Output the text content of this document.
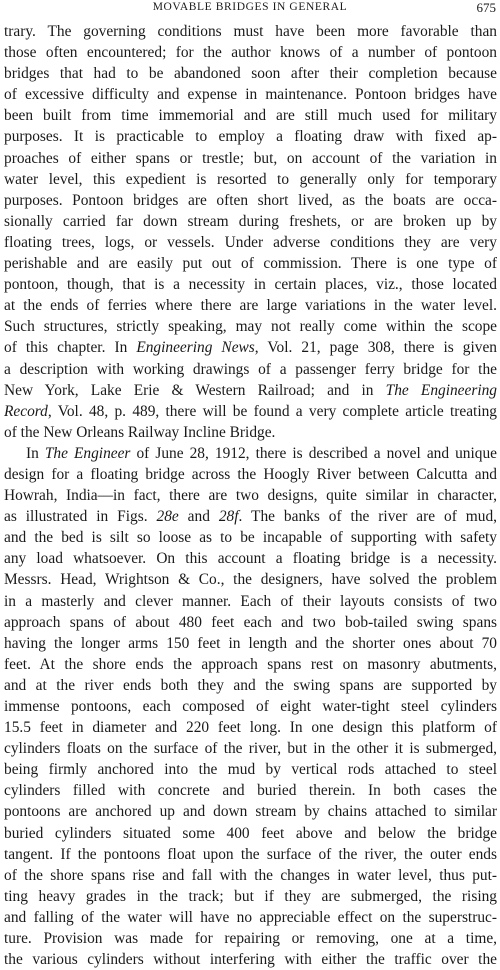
MOVABLE BRIDGES IN GENERAL	675
trary. The governing conditions must have been more favorable than
those often encountered; for the author knows of a number of pontoon
bridges that had to be abandoned soon after their completion because
of excessive difficulty and expense in maintenance. Pontoon bridges have
been built from time immemorial and are still much used for military
purposes. It is practicable to employ a floating draw with fixed ap-
proaches of either spans or trestle; but, on account of the variation in
water level, this expedient is resorted to generally only for temporary
purposes. Pontoon bridges are often short lived, as the boats are occa-
sionally carried far down stream during freshets, or are broken up by
floating trees, logs, or vessels. Under adverse conditions they are very
perishable and are easily put out of commission. There is one type of
pontoon, though, that is a necessity in certain places, viz., those located
at the ends of ferries where there are large variations in the water level.
Such structures, strictly speaking, may not really come within the scope
of this chapter. In Engineering News, Vol. 21, page 308, there is given
a description with working drawings of a passenger ferry bridge for the
New York, Lake Erie & Western Railroad; and in The Engineering
Record, Vol. 48, p. 489, there will be found a very complete article treating
of the New Orleans Railway Incline Bridge.
In The Engineer of June 28, 1912, there is described a novel and unique
design for a floating bridge across the Hoogly River between Calcutta and
Howrah, India—in fact, there are two designs, quite similar in character,
as illustrated in Figs. 28e and 28f. The banks of the river are of mud,
and the bed is silt so loose as to be incapable of supporting with safety
any load whatsoever. On this account a floating bridge is a necessity.
Messrs. Head, Wrightson & Co., the designers, have solved the problem
in a masterly and clever manner. Each of their layouts consists of two
approach spans of about 480 feet each and two bob-tailed swing spans
having the longer arms 150 feet in length and the shorter ones about 70
feet. At the shore ends the approach spans rest on masonry abutments,
and at the river ends both they and the swing spans are supported by
immense pontoons, each composed of eight water-tight steel cylinders
15.5 feet in diameter and 220 feet long. In one design this platform of
cylinders floats on the surface of the river, but in the other it is submerged,
being firmly anchored into the mud by vertical rods attached to steel
cylinders filled with concrete and buried therein. In both cases the
pontoons are anchored up and down stream by chains attached to similar
buried cylinders situated some 400 feet above and below the bridge
tangent. If the pontoons float upon the surface of the river, the outer ends
of the shore spans rise and fall with the changes in water level, thus put-
ting heavy grades in the track; but if they are submerged, the rising
and falling of the water will have no appreciable effect on the superstruc-
ture. Provision was made for repairing or removing, one at a time,
the various cylinders without interfering with either the traffic over the
